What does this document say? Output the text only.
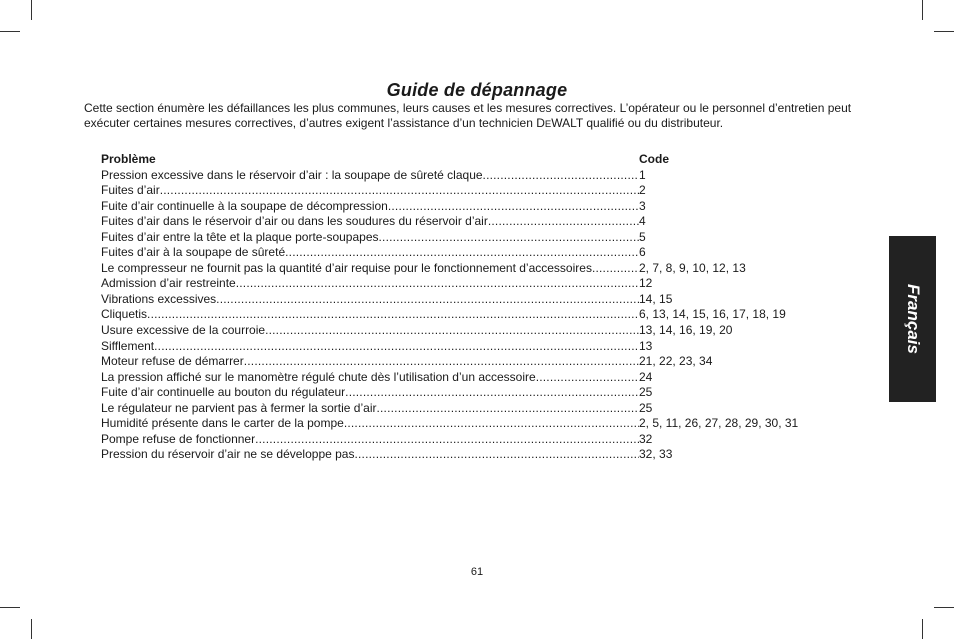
Guide de dépannage
Cette section énumère les défaillances les plus communes, leurs causes et les mesures correctives. L’opérateur ou le personnel d’entretien peut
exécuter certaines mesures correctives, d’autres exigent l’assistance d’un technicien DEWALT qualifié ou du distributeur.
Problème	Code
Pression excessive dans le réservoir d’air : la soupape de sûreté claque .....	1
Fuites d’air .....	2
Fuite d’air continuelle à la soupape de décompression .....	3
Fuites d’air dans le réservoir d’air ou dans les soudures du réservoir d’air .....	4
Fuites d’air entre la tête et la plaque porte-soupapes .....	5
Fuites d’air à la soupape de sûreté .....	6
Le compresseur ne fournit pas la quantité d’air requise pour le fonctionnement d’accessoires .....	2, 7, 8, 9, 10, 12, 13
Admission d’air restreinte .....	12
Vibrations excessives .....	14, 15
Cliquetis .....	6, 13, 14, 15, 16, 17, 18, 19
Usure excessive de la courroie .....	13, 14, 16, 19, 20
Sifflement .....	13
Moteur refuse de démarrer .....	21, 22, 23, 34
La pression affiché sur le manomètre régulé chute dès l’utilisation d’un accessoire .....	24
Fuite d’air continuelle au bouton du régulateur .....	25
Le régulateur ne parvient pas à fermer la sortie d’air .....	25
Humidité présente dans le carter de la pompe .....	2, 5, 11, 26, 27, 28, 29, 30, 31
Pompe refuse de fonctionner .....	32
Pression du réservoir d’air ne se développe pas .....	32, 33
Français
61
